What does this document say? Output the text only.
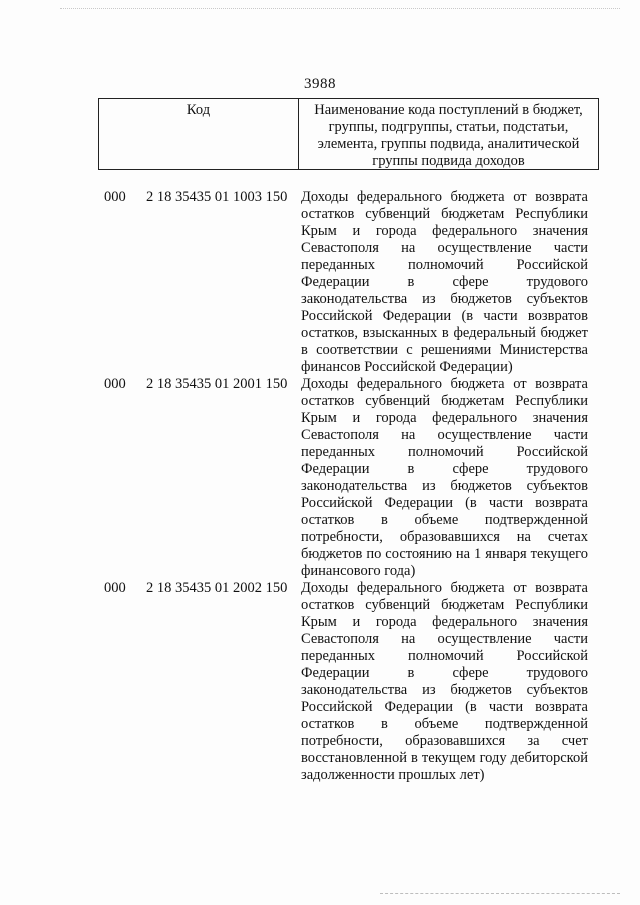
3988
Код	Наименование кода поступлений в бюджет, группы, подгруппы, статьи, подстатьи, элемента, группы подвида, аналитической группы подвида доходов
000	2 18 35435 01 1003 150 Доходы федерального бюджета от возврата остатков субвенций бюджетам Республики Крым и города федерального значения Севастополя на осуществление части переданных полномочий Российской Федерации в сфере трудового законодательства из бюджетов субъектов Российской Федерации (в части возвратов остатков, взысканных в федеральный бюджет в соответствии с решениями Министерства финансов Российской Федерации)
000	2 18 35435 01 2001 150 Доходы федерального бюджета от возврата остатков субвенций бюджетам Республики Крым и города федерального значения Севастополя на осуществление части переданных полномочий Российской Федерации в сфере трудового законодательства из бюджетов субъектов Российской Федерации (в части возврата остатков в объеме подтвержденной потребности, образовавшихся на счетах бюджетов по состоянию на 1 января текущего финансового года)
000	2 18 35435 01 2002 150 Доходы федерального бюджета от возврата остатков субвенций бюджетам Республики Крым и города федерального значения Севастополя на осуществление части переданных полномочий Российской Федерации в сфере трудового законодательства из бюджетов субъектов Российской Федерации (в части возврата остатков в объеме подтвержденной потребности, образовавшихся за счет восстановленной в текущем году дебиторской задолженности прошлых лет)
